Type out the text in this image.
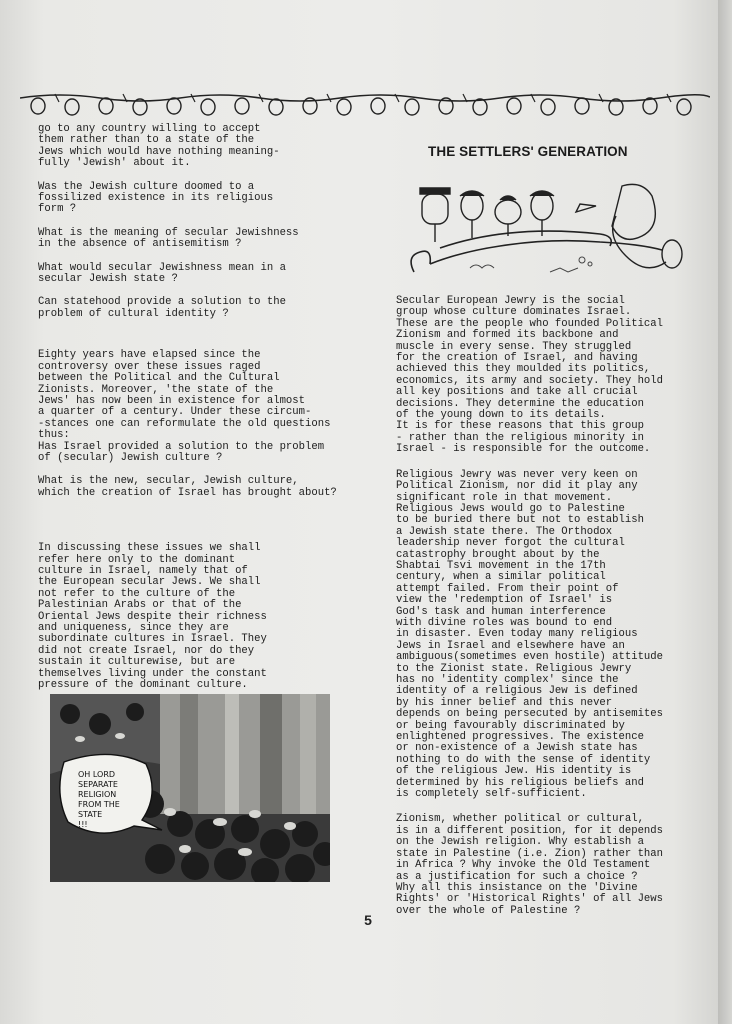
go to any country willing to accept
them rather than to a state of the
Jews which would have nothing meaning-
fully 'Jewish' about it.

Was the Jewish culture doomed to a
fossilized existence in its religious
form ?

What is the meaning of secular Jewishness
in the absence of antisemitism ?

What would secular Jewishness mean in a
secular Jewish state ?

Can statehood provide a solution to the
problem of cultural identity ?

Eighty years have elapsed since the
controversy over these issues raged
between the Political and the Cultural
Zionists. Moreover, 'the state of the
Jews' has now been in existence for almost
a quarter of a century. Under these circum-
-stances one can reformulate the old questions
thus:
Has Israel provided a solution to the problem
of (secular) Jewish culture ?

What is the new, secular, Jewish culture,
which the creation of Israel has brought about?

In discussing these issues we shall
refer here only to the dominant
culture in Israel, namely that of
the European secular Jews. We shall
not refer to the culture of the
Palestinian Arabs or that of the
Oriental Jews despite their richness
and uniqueness, since they are
subordinate cultures in Israel. They
did not create Israel, nor do they
sustain it culturewise, but are
themselves living under the constant
pressure of the dominant culture.

THE SETTLERS' GENERATION

Secular European Jewry is the social
group whose culture dominates Israel.
These are the people who founded Political
Zionism and formed its backbone and
muscle in every sense. They struggled
for the creation of Israel, and having
achieved this they moulded its politics,
economics, its army and society. They hold
all key positions and take all crucial
decisions. They determine the education
of the young down to its details.
It is for these reasons that this group
- rather than the religious minority in
Israel - is responsible for the outcome.

Religious Jewry was never very keen on
Political Zionism, nor did it play any
significant role in that movement.
Religious Jews would go to Palestine
to be buried there but not to establish
a Jewish state there. The Orthodox
leadership never forgot the cultural
catastrophy brought about by the
Shabtai Tsvi movement in the 17th
century, when a similar political
attempt failed. From their point of
view the 'redemption of Israel' is
God's task and human interference
with divine roles was bound to end
in disaster. Even today many religious
Jews in Israel and elsewhere have an
ambiguous(sometimes even hostile) attitude
to the Zionist state. Religious Jewry
has no 'identity complex' since the
identity of a religious Jew is defined
by his inner belief and this never
depends on being persecuted by antisemites
or being favourably discriminated by
enlightened progressives. The existence
or non-existence of a Jewish state has
nothing to do with the sense of identity
of the religious Jew. His identity is
determined by his religious beliefs and
is completely self-sufficient.

Zionism, whether political or cultural,
is in a different position, for it depends
on the Jewish religion. Why establish a
state in Palestine (i.e. Zion) rather than
in Africa ? Why invoke the Old Testament
as a justification for such a choice ?
Why all this insistance on the 'Divine
Rights' or 'Historical Rights' of all Jews
over the whole of Palestine ?

OH LORD
SEPARATE
RELIGION
FROM THE
STATE
!!!
5
